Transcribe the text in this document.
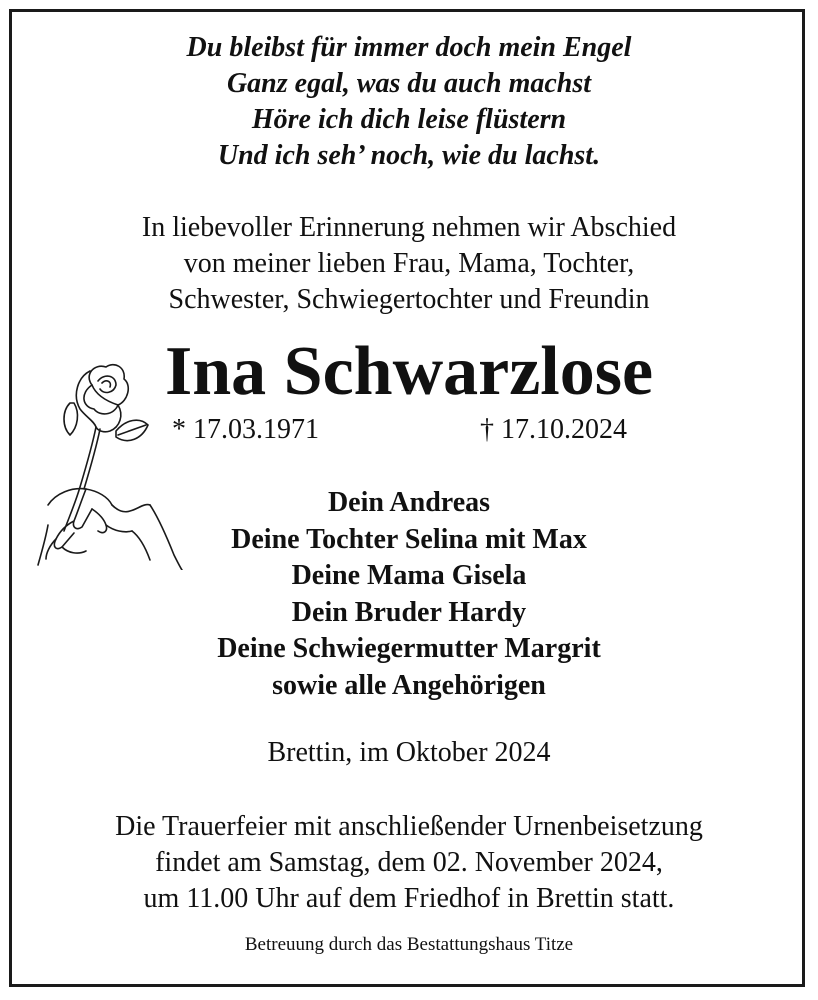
Du bleibst für immer doch mein Engel
Ganz egal, was du auch machst
Höre ich dich leise flüstern
Und ich seh’ noch, wie du lachst.
In liebevoller Erinnerung nehmen wir Abschied
von meiner lieben Frau, Mama, Tochter,
Schwester, Schwiegertochter und Freundin
Ina Schwarzlose
* 17.03.1971	† 17.10.2024
Dein Andreas
Deine Tochter Selina mit Max
Deine Mama Gisela
Dein Bruder Hardy
Deine Schwiegermutter Margrit
sowie alle Angehörigen
Brettin, im Oktober 2024
Die Trauerfeier mit anschließender Urnenbeisetzung
findet am Samstag, dem 02. November 2024,
um 11.00 Uhr auf dem Friedhof in Brettin statt.
Betreuung durch das Bestattungshaus Titze
